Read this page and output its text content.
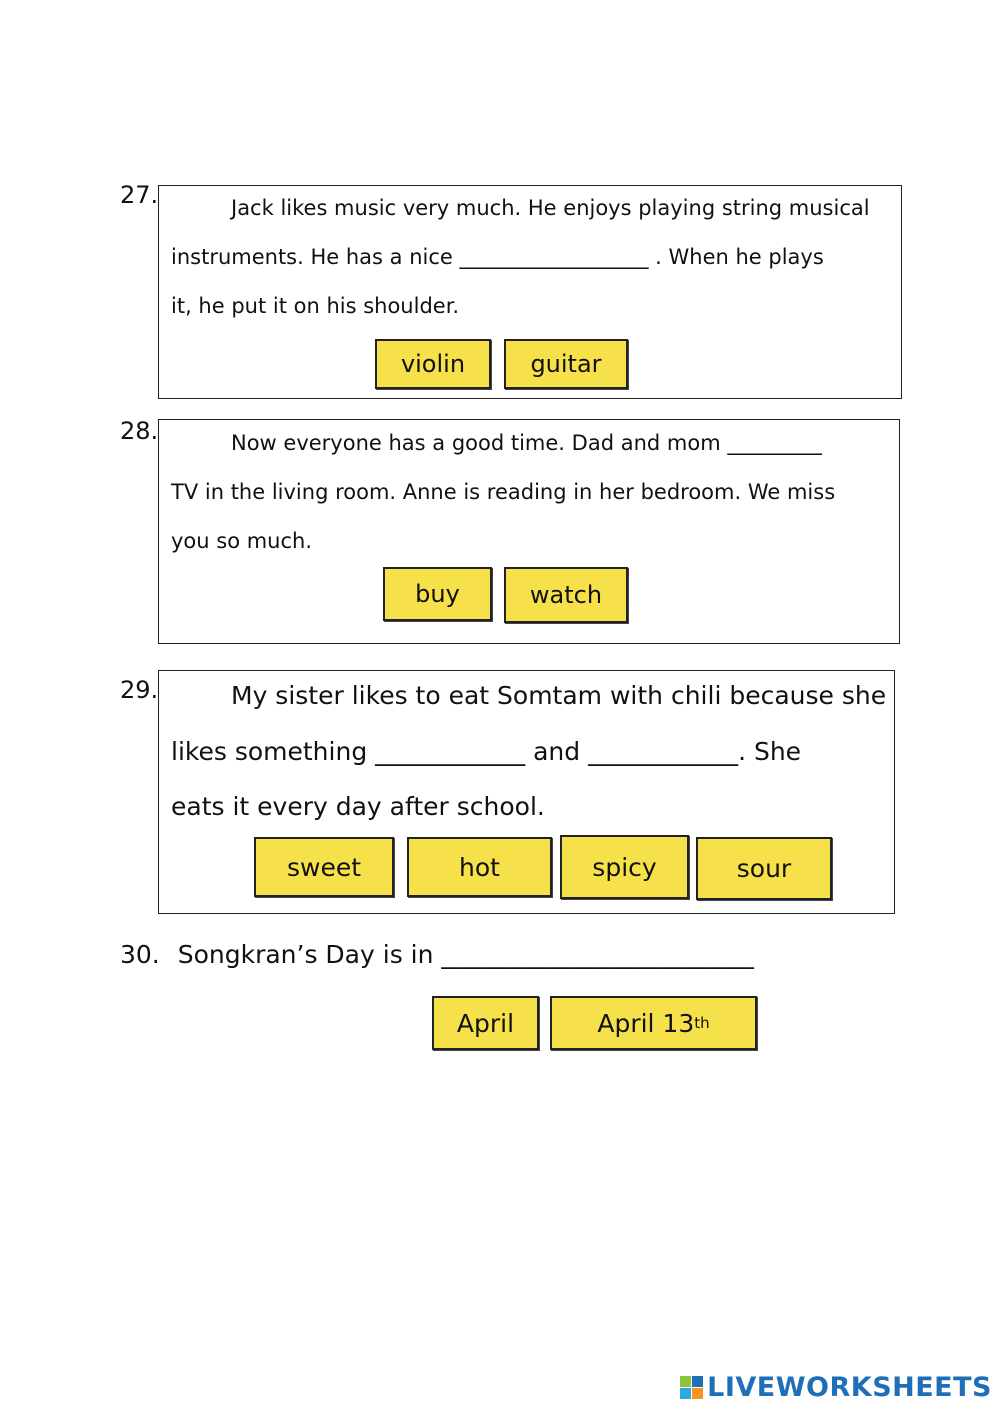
27.	Jack likes music very much. He enjoys playing string musical
instruments. He has a nice __________________ . When he plays
it, he put it on his shoulder.
violin	guitar
28.	Now everyone has a good time. Dad and mom _________
TV in the living room. Anne is reading in her bedroom. We miss
you so much.
buy	watch
29.	My sister likes to eat Somtam with chili because she
likes something ____________ and ____________. She
eats it every day after school.
sweet	hot	spicy	sour
30. Songkran’s Day is in _________________________
April	April 13 th
LIVEWORKSHEETS
